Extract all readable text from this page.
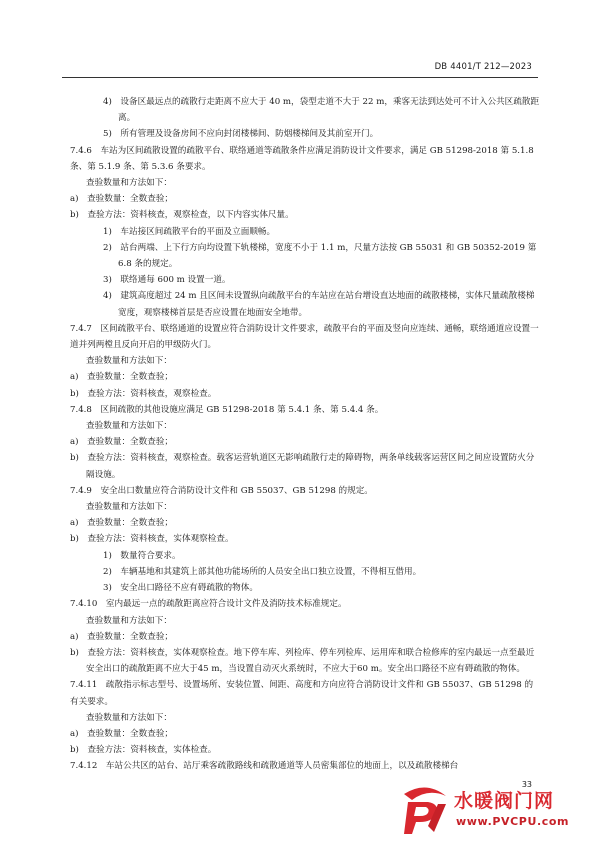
DB 4401/T 212—2023

4)　设备区最远点的疏散行走距离不应大于 40 m，袋型走道不大于 22 m，乘客无法到达处可不计入公共区疏散距离。

5)　所有管理及设备房间不应向封闭楼梯间、防烟楼梯间及其前室开门。

7.4.6　车站为区间疏散设置的疏散平台、联络通道等疏散条件应满足消防设计文件要求，满足 GB 51298-2018 第 5.1.8 条、第 5.1.9 条、第 5.3.6 条要求。

查验数量和方法如下：

a)　查验数量：全数查验；

b)　查验方法：资料核查，观察检查，以下内容实体尺量。

1)　车站接区间疏散平台的平面及立面顺畅。

2)　站台两端、上下行方向均设置下轨楼梯，宽度不小于 1.1 m，尺量方法按 GB 55031 和 GB 50352-2019 第 6.8 条的规定。

3)　联络通每 600 m 设置一道。

4)　建筑高度超过 24 m 且区间未设置纵向疏散平台的车站应在站台增设直达地面的疏散楼梯，实体尺量疏散楼梯宽度，观察楼梯首层是否应设置在地面安全地带。

7.4.7　区间疏散平台、联络通道的设置应符合消防设计文件要求，疏散平台的平面及竖向应连续、通畅，联络通道应设置一道并列两樘且反向开启的甲级防火门。

查验数量和方法如下：

a)　查验数量：全数查验；

b)　查验方法：资料核查，观察检查。

7.4.8　区间疏散的其他设施应满足 GB 51298-2018 第 5.4.1 条、第 5.4.4 条。

查验数量和方法如下：

a)　查验数量：全数查验；

b)　查验方法：资料核查，观察检查。载客运营轨道区无影响疏散行走的障碍物，两条单线载客运营区间之间应设置防火分隔设施。

7.4.9　安全出口数量应符合消防设计文件和 GB 55037、GB 51298 的规定。

查验数量和方法如下：

a)　查验数量：全数查验；

b)　查验方法：资料核查，实体观察检查。

1)　数量符合要求。

2)　车辆基地和其建筑上部其他功能场所的人员安全出口独立设置，不得相互借用。

3)　安全出口路径不应有碍疏散的物体。

7.4.10　室内最远一点的疏散距离应符合设计文件及消防技术标准规定。

查验数量和方法如下：

a)　查验数量：全数查验；

b)　查验方法：资料核查，实体观察检查。地下停车库、列检库、停车列检库、运用库和联合检修库的室内最远一点至最近安全出口的疏散距离不应大于45 m，当设置自动灭火系统时，不应大于60 m。安全出口路径不应有碍疏散的物体。

7.4.11　疏散指示标志型号、设置场所、安装位置、间距、高度和方向应符合消防设计文件和 GB 55037、GB 51298 的有关要求。

查验数量和方法如下：

a)　查验数量：全数查验；

b)　查验方法：资料核查，实体检查。

7.4.12　车站公共区的站台、站厅乘客疏散路线和疏散通道等人员密集部位的地面上，以及疏散楼梯台

33
水暖阀门网
www.PVCPU.com
